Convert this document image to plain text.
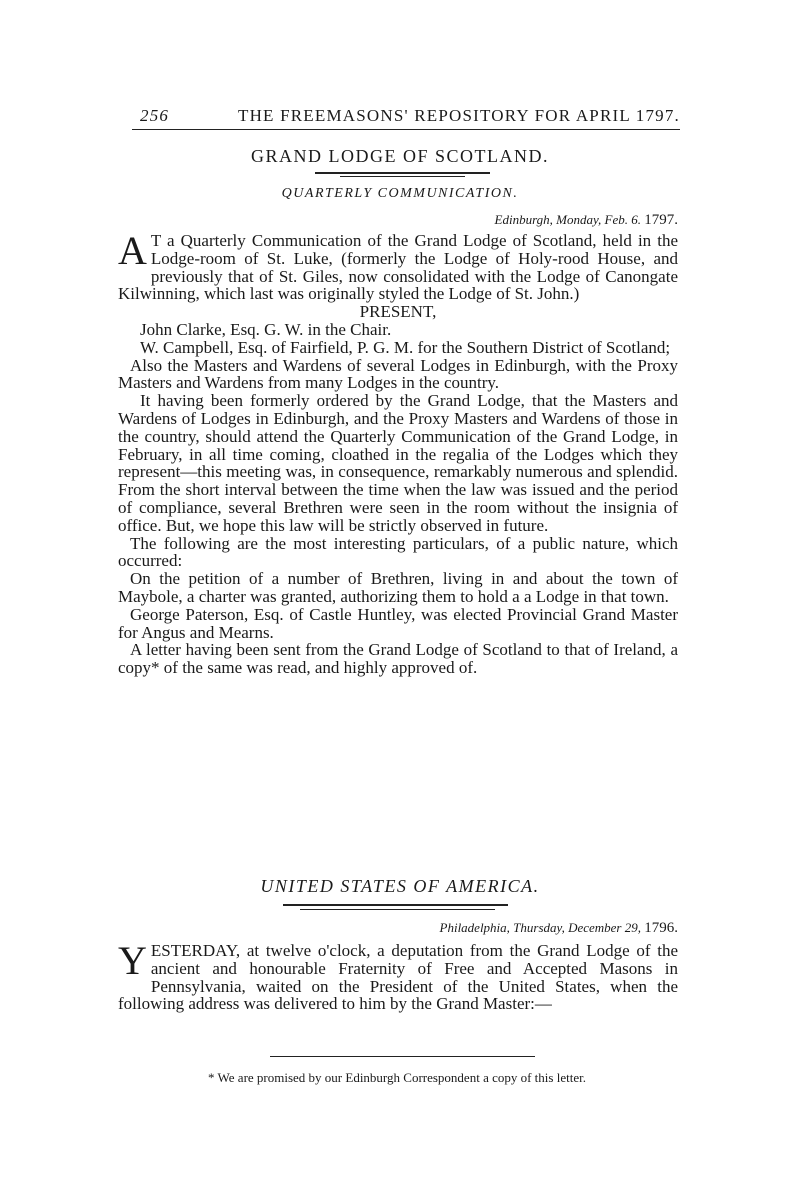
256	THE FREEMASONS' REPOSITORY FOR APRIL 1797.
GRAND LODGE OF SCOTLAND.
QUARTERLY COMMUNICATION.
Edinburgh, Monday, Feb. 6. 1797.

A T a Quarterly Communication of the Grand Lodge of Scotland, held in the Lodge-room of St. Luke, (formerly the Lodge of Holy-rood House, and previously that of St. Giles, now consolidated with the Lodge of Canongate Kilwinning, which last was originally styled the Lodge of St. John.)

PRESENT,

John Clarke, Esq. G. W. in the Chair.

W. Campbell, Esq. of Fairfield, P. G. M. for the Southern District of Scotland;

Also the Masters and Wardens of several Lodges in Edinburgh, with the Proxy Masters and Wardens from many Lodges in the country.

It having been formerly ordered by the Grand Lodge, that the Masters and Wardens of Lodges in Edinburgh, and the Proxy Masters and Wardens of those in the country, should attend the Quarterly Communication of the Grand Lodge, in February, in all time coming, cloathed in the regalia of the Lodges which they represent—this meeting was, in consequence, remarkably numerous and splendid. From the short interval between the time when the law was issued and the period of compliance, several Brethren were seen in the room without the insignia of office. But, we hope this law will be strictly observed in future.

The following are the most interesting particulars, of a public nature, which occurred:

On the petition of a number of Brethren, living in and about the town of Maybole, a charter was granted, authorizing them to hold a a Lodge in that town.

George Paterson, Esq. of Castle Huntley, was elected Provincial Grand Master for Angus and Mearns.

A letter having been sent from the Grand Lodge of Scotland to that of Ireland, a copy* of the same was read, and highly approved of.

UNITED STATES OF AMERICA.
Philadelphia, Thursday, December 29, 1796.

YESTERDAY, at twelve o'clock, a deputation from the Grand Lodge of the ancient and honourable Fraternity of Free and Accepted Masons in Pennsylvania, waited on the President of the United States, when the following address was delivered to him by the Grand Master:—

* We are promised by our Edinburgh Correspondent a copy of this letter.
